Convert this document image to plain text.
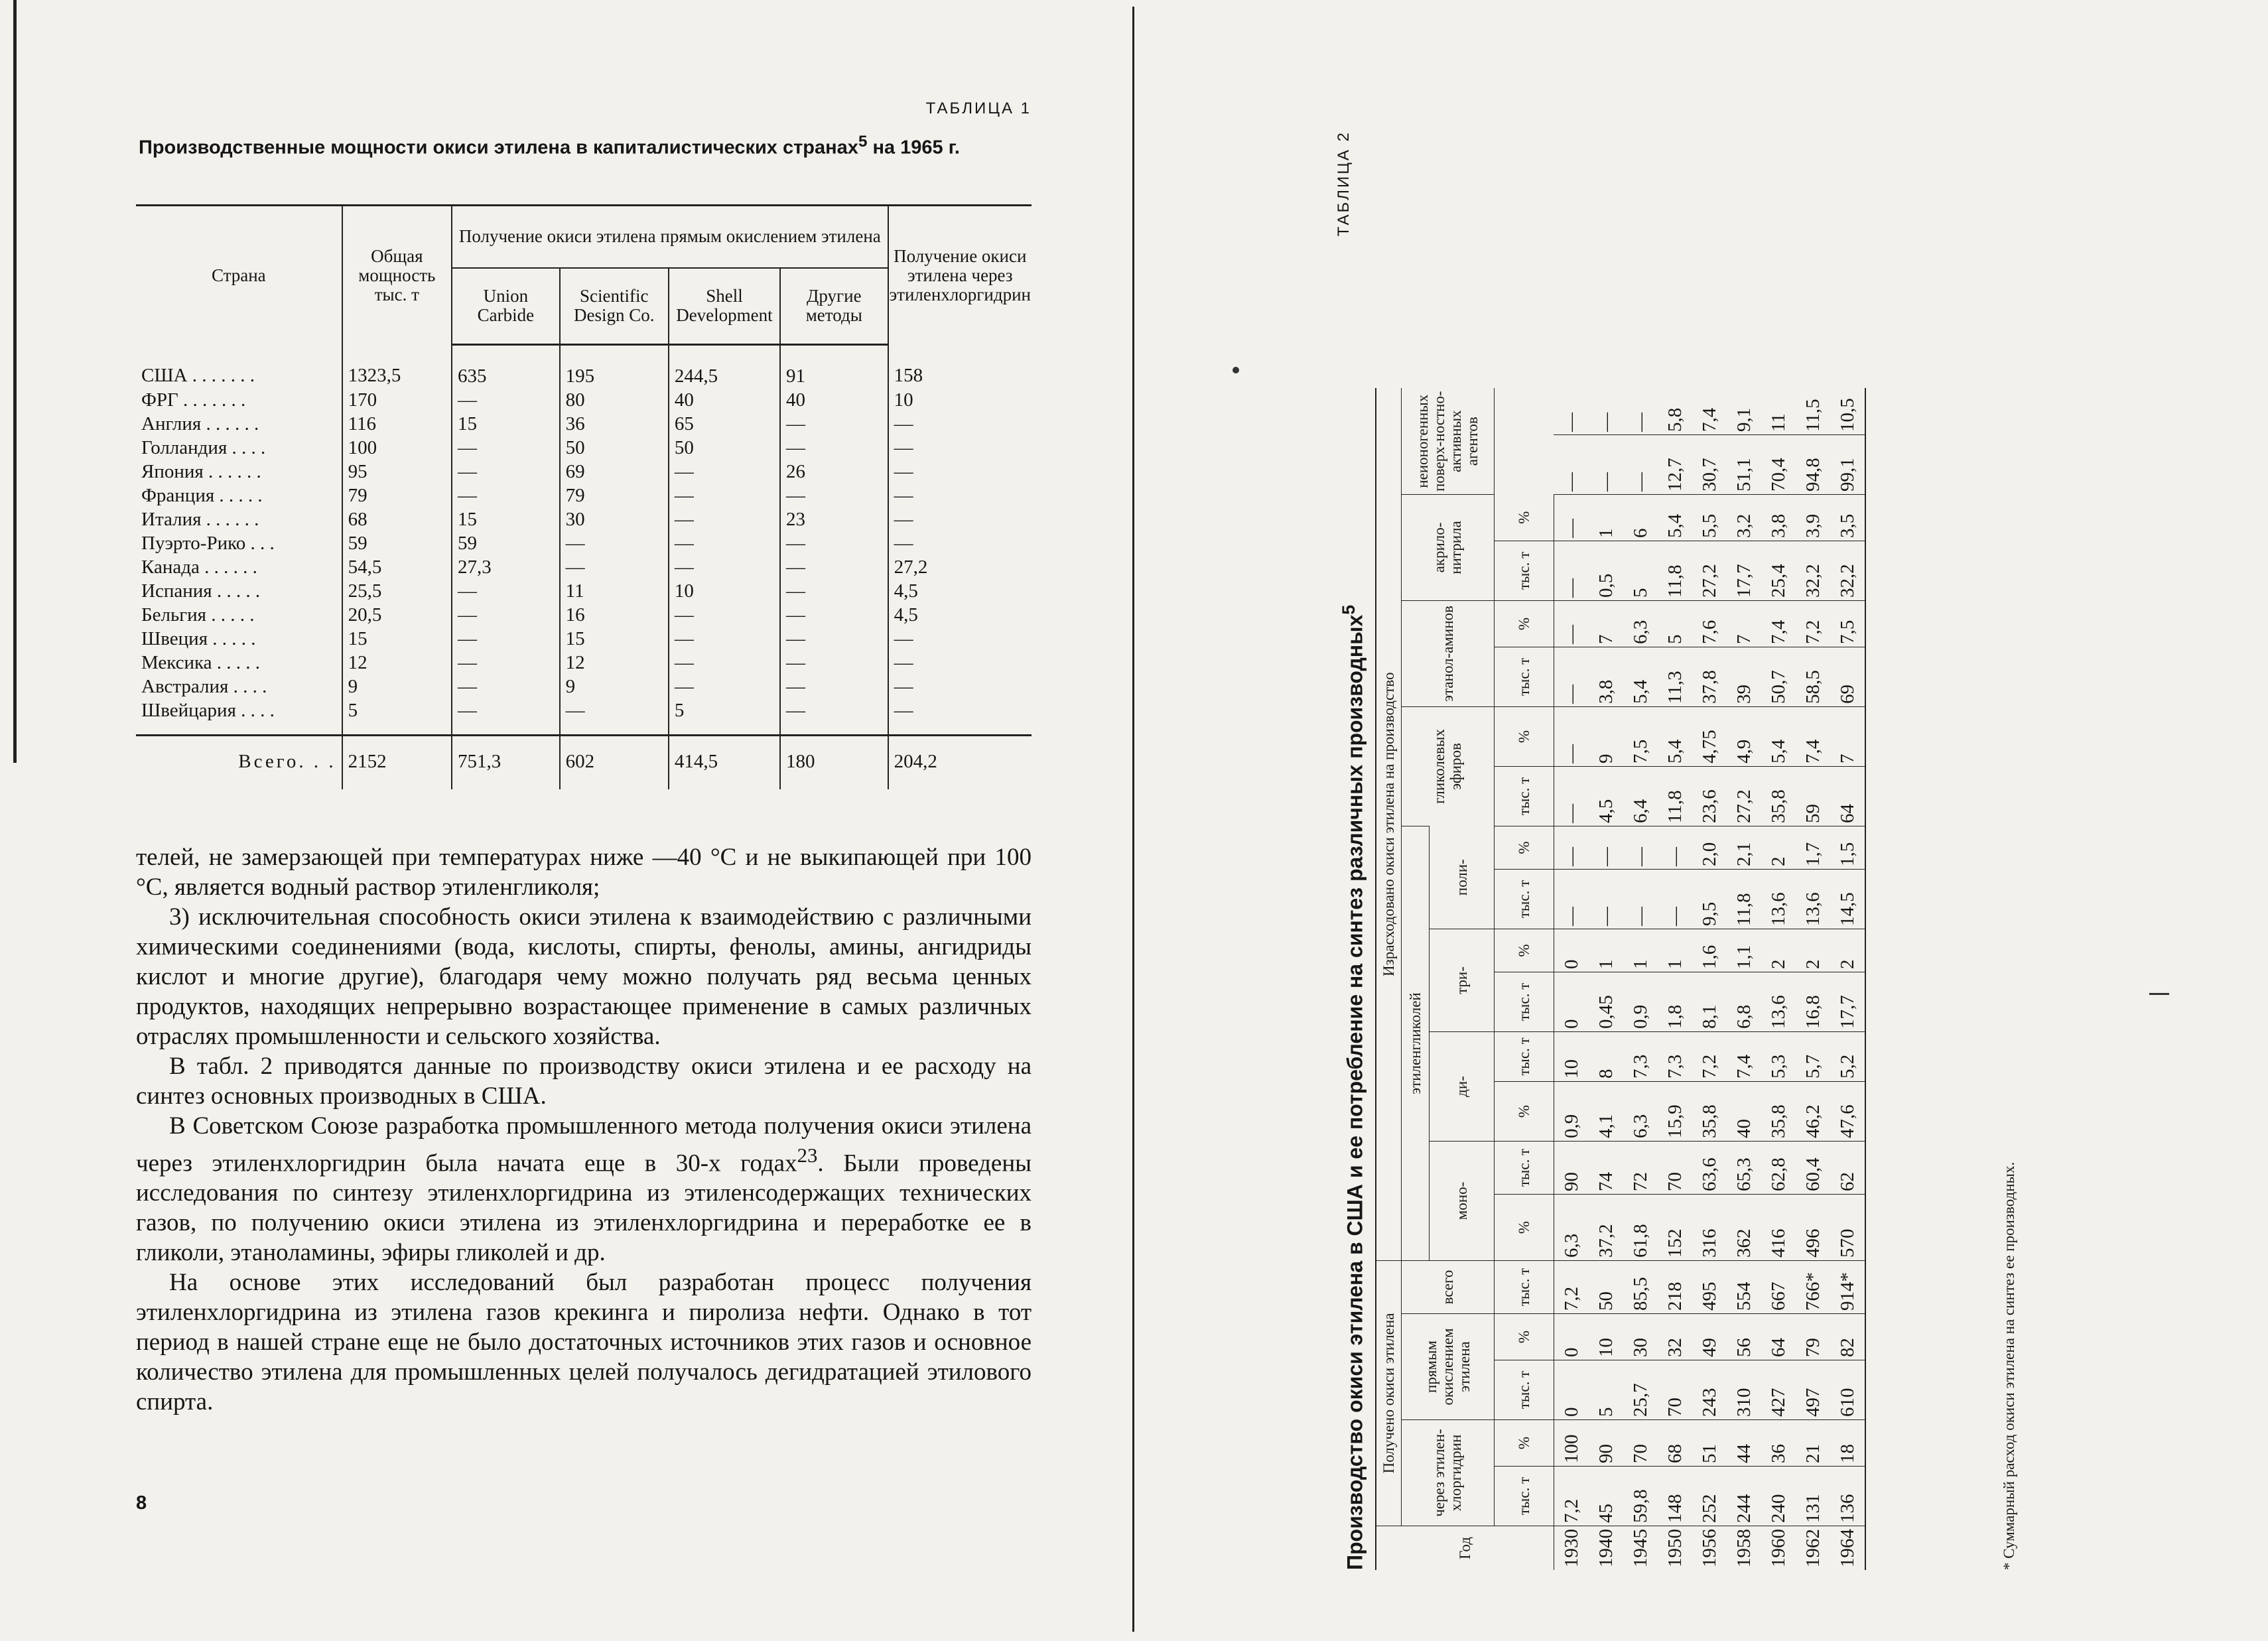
ТАБЛИЦА 1
Производственные мощности окиси этилена в капиталистических странах$^5$ на 1965 г.
Страна	Общая мощность тыс. т	Получение окиси этилена прямым окислением этилена				Получение окиси этилена через этиленхлоргидрин
		Union Carbide	Scientific Design Co.	Shell Development	Другие методы	
США . . . . . . .	1323,5	635	195	244,5	91	158
ФРГ . . . . . . .	170	—	80	40	40	10
Англия . . . . . .	116	15	36	65	—	—
Голландия . . . .	100	—	50	50	—	—
Япония . . . . . .	95	—	69	—	26	—
Франция . . . . .	79	—	79	—	—	—
Италия . . . . . .	68	15	30	—	23	—
Пуэрто-Рико . . .	59	59	—	—	—	—
Канада . . . . . .	54,5	27,3	—	—	—	27,2
Испания . . . . .	25,5	—	11	10	—	4,5
Бельгия . . . . .	20,5	—	16	—	—	4,5
Швеция . . . . .	15	—	15	—	—	—
Мексика . . . . .	12	—	12	—	—	—
Австралия . . . .	9	—	9	—	—	—
Швейцария . . . .	5	—	—	5	—	—
Всего. . .	2152	751,3	602	414,5	180	204,2

телей, не замерзающей при температурах ниже —40 °С и не выкипающей при 100 °С, является водный раствор этиленгликоля;

3) исключительная способность окиси этилена к взаимодействию с различными химическими соединениями (вода, кислоты, спирты, фенолы, амины, ангидриды кислот и многие другие), благодаря чему можно получать ряд весьма ценных продуктов, находящих непрерывно возрастающее применение в самых различных отраслях промышленности и сельского хозяйства.

В табл. 2 приводятся данные по производству окиси этилена и ее расходу на синтез основных производных в США.

В Советском Союзе разработка промышленного метода получения окиси этилена через этиленхлоргидрин была начата еще в 30-х годах$^{23}$. Были проведены исследования по синтезу этиленхлоргидрина из этиленсодержащих технических газов, по получению окиси этилена из этиленхлоргидрина и переработке ее в гликоли, этаноламины, эфиры гликолей и др.

На основе этих исследований был разработан процесс получения этиленхлоргидрина из этилена газов крекинга и пиролиза нефти. Однако в тот период в нашей стране еще не было достаточных источников этих газов и основное количество этилена для промышленных целей получалось дегидратацией этилового спирта.

8	Производство окиси этилена в США и ее потребление на синтез различных производных$^5$
ТАБЛИЦА 2
Год	Получено окиси этилена					Израсходовано окиси этилена на производство															
	через этилен-хлоргидрин		прямым окислением этилена		всего	этиленгликолей								гликолевых эфиров		этанол-аминов		акрило-нитрила		неионогенных поверх-ностно-активных агентов	
						моно-		ди-		три-		поли-									
	тыс. т	%	тыс. т	%	тыс. т	%	тыс. т	%	тыс. т	тыс. т	%	тыс. т	%	тыс. т	%	тыс. т	%	тыс. т	%		
1930	7,2	100	0	0	7,2	6,3	90	0,9	10	0	0	—	—	—	—	—	—	—	—	—	—
1940	45	90	5	10	50	37,2	74	4,1	8	0,45	1	—	—	4,5	9	3,8	7	0,5	1	—	—
1945	59,8	70	25,7	30	85,5	61,8	72	6,3	7,3	0,9	1	—	—	6,4	7,5	5,4	6,3	5	6	—	—
1950	148	68	70	32	218	152	70	15,9	7,3	1,8	1	—	—	11,8	5,4	11,3	5	11,8	5,4	12,7	5,8
1956	252	51	243	49	495	316	63,6	35,8	7,2	8,1	1,6	9,5	2,0	23,6	4,75	37,8	7,6	27,2	5,5	30,7	7,4
1958	244	44	310	56	554	362	65,3	40	7,4	6,8	1,1	11,8	2,1	27,2	4,9	39	7	17,7	3,2	51,1	9,1
1960	240	36	427	64	667	416	62,8	35,8	5,3	13,6	2	13,6	2	35,8	5,4	50,7	7,4	25,4	3,8	70,4	11
1962	131	21	497	79	766*	496	60,4	46,2	5,7	16,8	2	13,6	1,7	59	7,4	58,5	7,2	32,2	3,9	94,8	11,5
1964	136	18	610	82	914*	570	62	47,6	5,2	17,7	2	14,5	1,5	64	7	69	7,5	32,2	3,5	99,1	10,5
* Суммарный расход окиси этилена на синтез ее производных.
